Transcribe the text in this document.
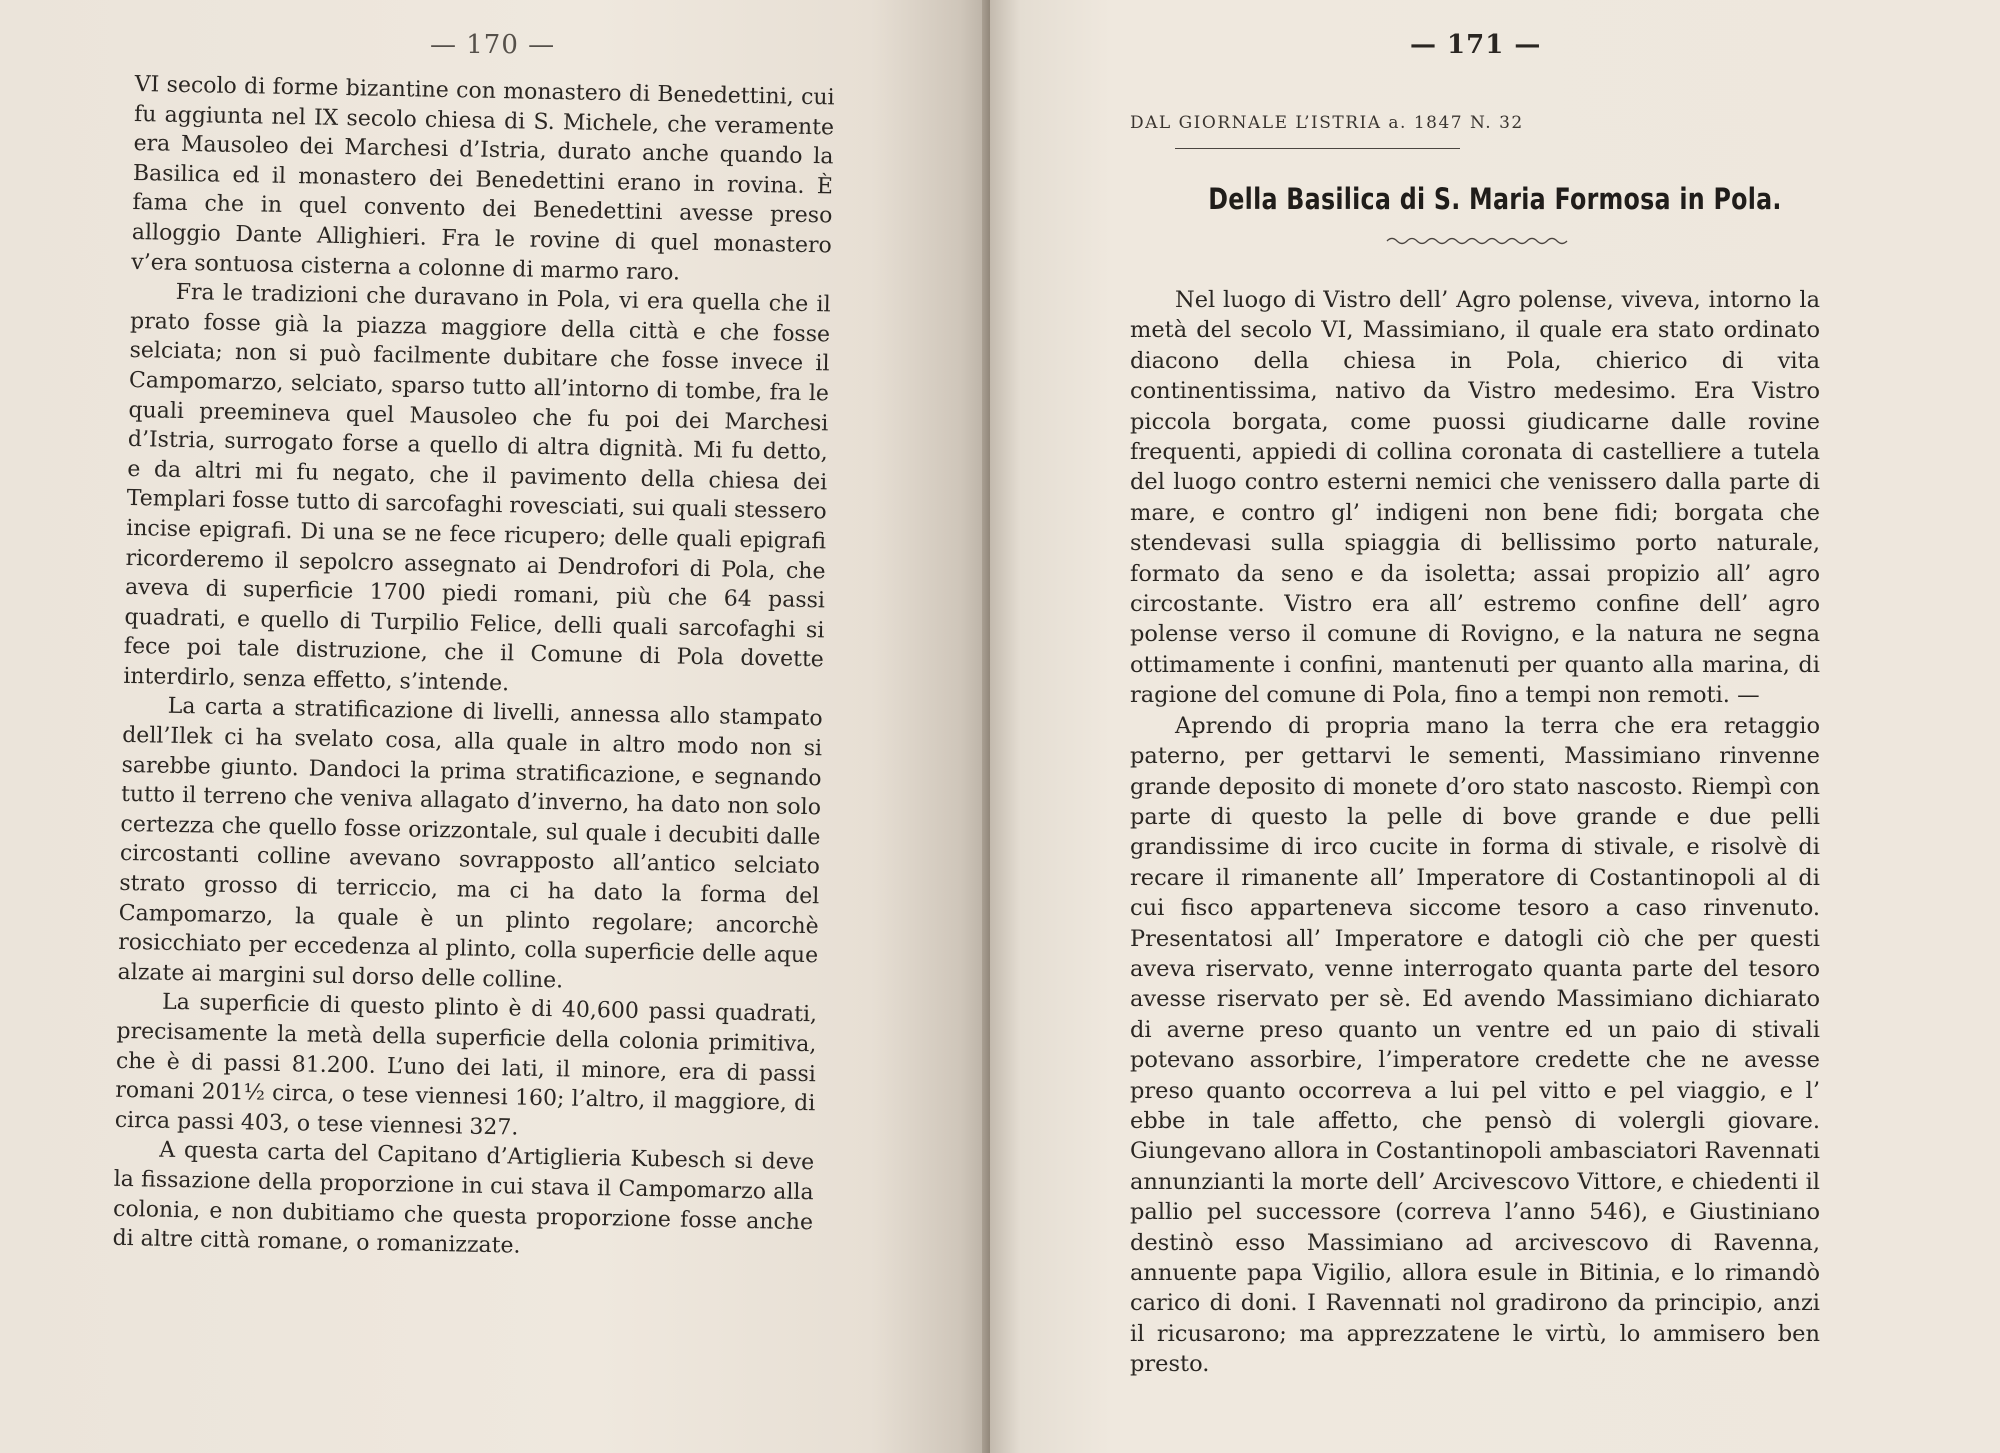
— 170 —

VI secolo di forme bizantine con monastero di Benedettini, cui fu aggiunta nel IX secolo chiesa di S. Michele, che veramente era Mausoleo dei Marchesi d’Istria, durato anche quando la Basilica ed il monastero dei Benedettini erano in rovina. È fama che in quel convento dei Benedettini avesse preso alloggio Dante Allighieri. Fra le rovine di quel monastero v’era sontuosa cisterna a colonne di marmo raro.

Fra le tradizioni che duravano in Pola, vi era quella che il prato fosse già la piazza maggiore della città e che fosse selciata; non si può facilmente dubitare che fosse invece il Campomarzo, selciato, sparso tutto all’intorno di tombe, fra le quali preemineva quel Mausoleo che fu poi dei Marchesi d’Istria, surrogato forse a quello di altra dignità. Mi fu detto, e da altri mi fu negato, che il pavimento della chiesa dei Templari fosse tutto di sarcofaghi rovesciati, sui quali stessero incise epigrafi. Di una se ne fece ricupero; delle quali epigrafi ricorderemo il sepolcro assegnato ai Dendrofori di Pola, che aveva di superficie 1700 piedi romani, più che 64 passi quadrati, e quello di Turpilio Felice, delli quali sarcofaghi si fece poi tale distruzione, che il Comune di Pola dovette interdirlo, senza effetto, s’intende.

La carta a stratificazione di livelli, annessa allo stampato dell’Ilek ci ha svelato cosa, alla quale in altro modo non si sarebbe giunto. Dandoci la prima stratificazione, e segnando tutto il terreno che veniva allagato d’inverno, ha dato non solo certezza che quello fosse orizzontale, sul quale i decubiti dalle circostanti colline avevano sovrapposto all’antico selciato strato grosso di terriccio, ma ci ha dato la forma del Campomarzo, la quale è un plinto regolare; ancorchè rosicchiato per eccedenza al plinto, colla superficie delle aque alzate ai margini sul dorso delle colline.

La superficie di questo plinto è di 40,600 passi quadrati, precisamente la metà della superficie della colonia primitiva, che è di passi 81.200. L’uno dei lati, il minore, era di passi romani 201½ circa, o tese viennesi 160; l’altro, il maggiore, di circa passi 403, o tese viennesi 327.

A questa carta del Capitano d’Artiglieria Kubesch si deve la fissazione della proporzione in cui stava il Campomarzo alla colonia, e non dubitiamo che questa proporzione fosse anche di altre città romane, o romanizzate.

— 171 —
DAL GIORNALE L’ISTRIA a. 1847 N. 32
Della Basilica di S. Maria Formosa in Pola.

Nel luogo di Vistro dell’ Agro polense, viveva, intorno la metà del secolo VI, Massimiano, il quale era stato ordinato diacono della chiesa in Pola, chierico di vita continentissima, nativo da Vistro medesimo. Era Vistro piccola borgata, come puossi giudicarne dalle rovine frequenti, appiedi di collina coronata di castelliere a tutela del luogo contro esterni nemici che venissero dalla parte di mare, e contro gl’ indigeni non bene fidi; borgata che stendevasi sulla spiaggia di bellissimo porto naturale, formato da seno e da isoletta; assai propizio all’ agro circostante. Vistro era all’ estremo confine dell’ agro polense verso il comune di Rovigno, e la natura ne segna ottimamente i confini, mantenuti per quanto alla marina, di ragione del comune di Pola, fino a tempi non remoti. —

Aprendo di propria mano la terra che era retaggio paterno, per gettarvi le sementi, Massimiano rinvenne grande deposito di monete d’oro stato nascosto. Riempì con parte di questo la pelle di bove grande e due pelli grandissime di irco cucite in forma di stivale, e risolvè di recare il rimanente all’ Imperatore di Costantinopoli al di cui fisco apparteneva siccome tesoro a caso rinvenuto. Presentatosi all’ Imperatore e datogli ciò che per questi aveva riservato, venne interrogato quanta parte del tesoro avesse riservato per sè. Ed avendo Massimiano dichiarato di averne preso quanto un ventre ed un paio di stivali potevano assorbire, l’imperatore credette che ne avesse preso quanto occorreva a lui pel vitto e pel viaggio, e l’ ebbe in tale affetto, che pensò di volergli giovare. Giungevano allora in Costantinopoli ambasciatori Ravennati annunzianti la morte dell’ Arcivescovo Vittore, e chiedenti il pallio pel successore (correva l’anno 546), e Giustiniano destinò esso Massimiano ad arcivescovo di Ravenna, annuente papa Vigilio, allora esule in Bitinia, e lo rimandò carico di doni. I Ravennati nol gradirono da principio, anzi il ricusarono; ma apprezzatene le virtù, lo ammisero ben presto.
